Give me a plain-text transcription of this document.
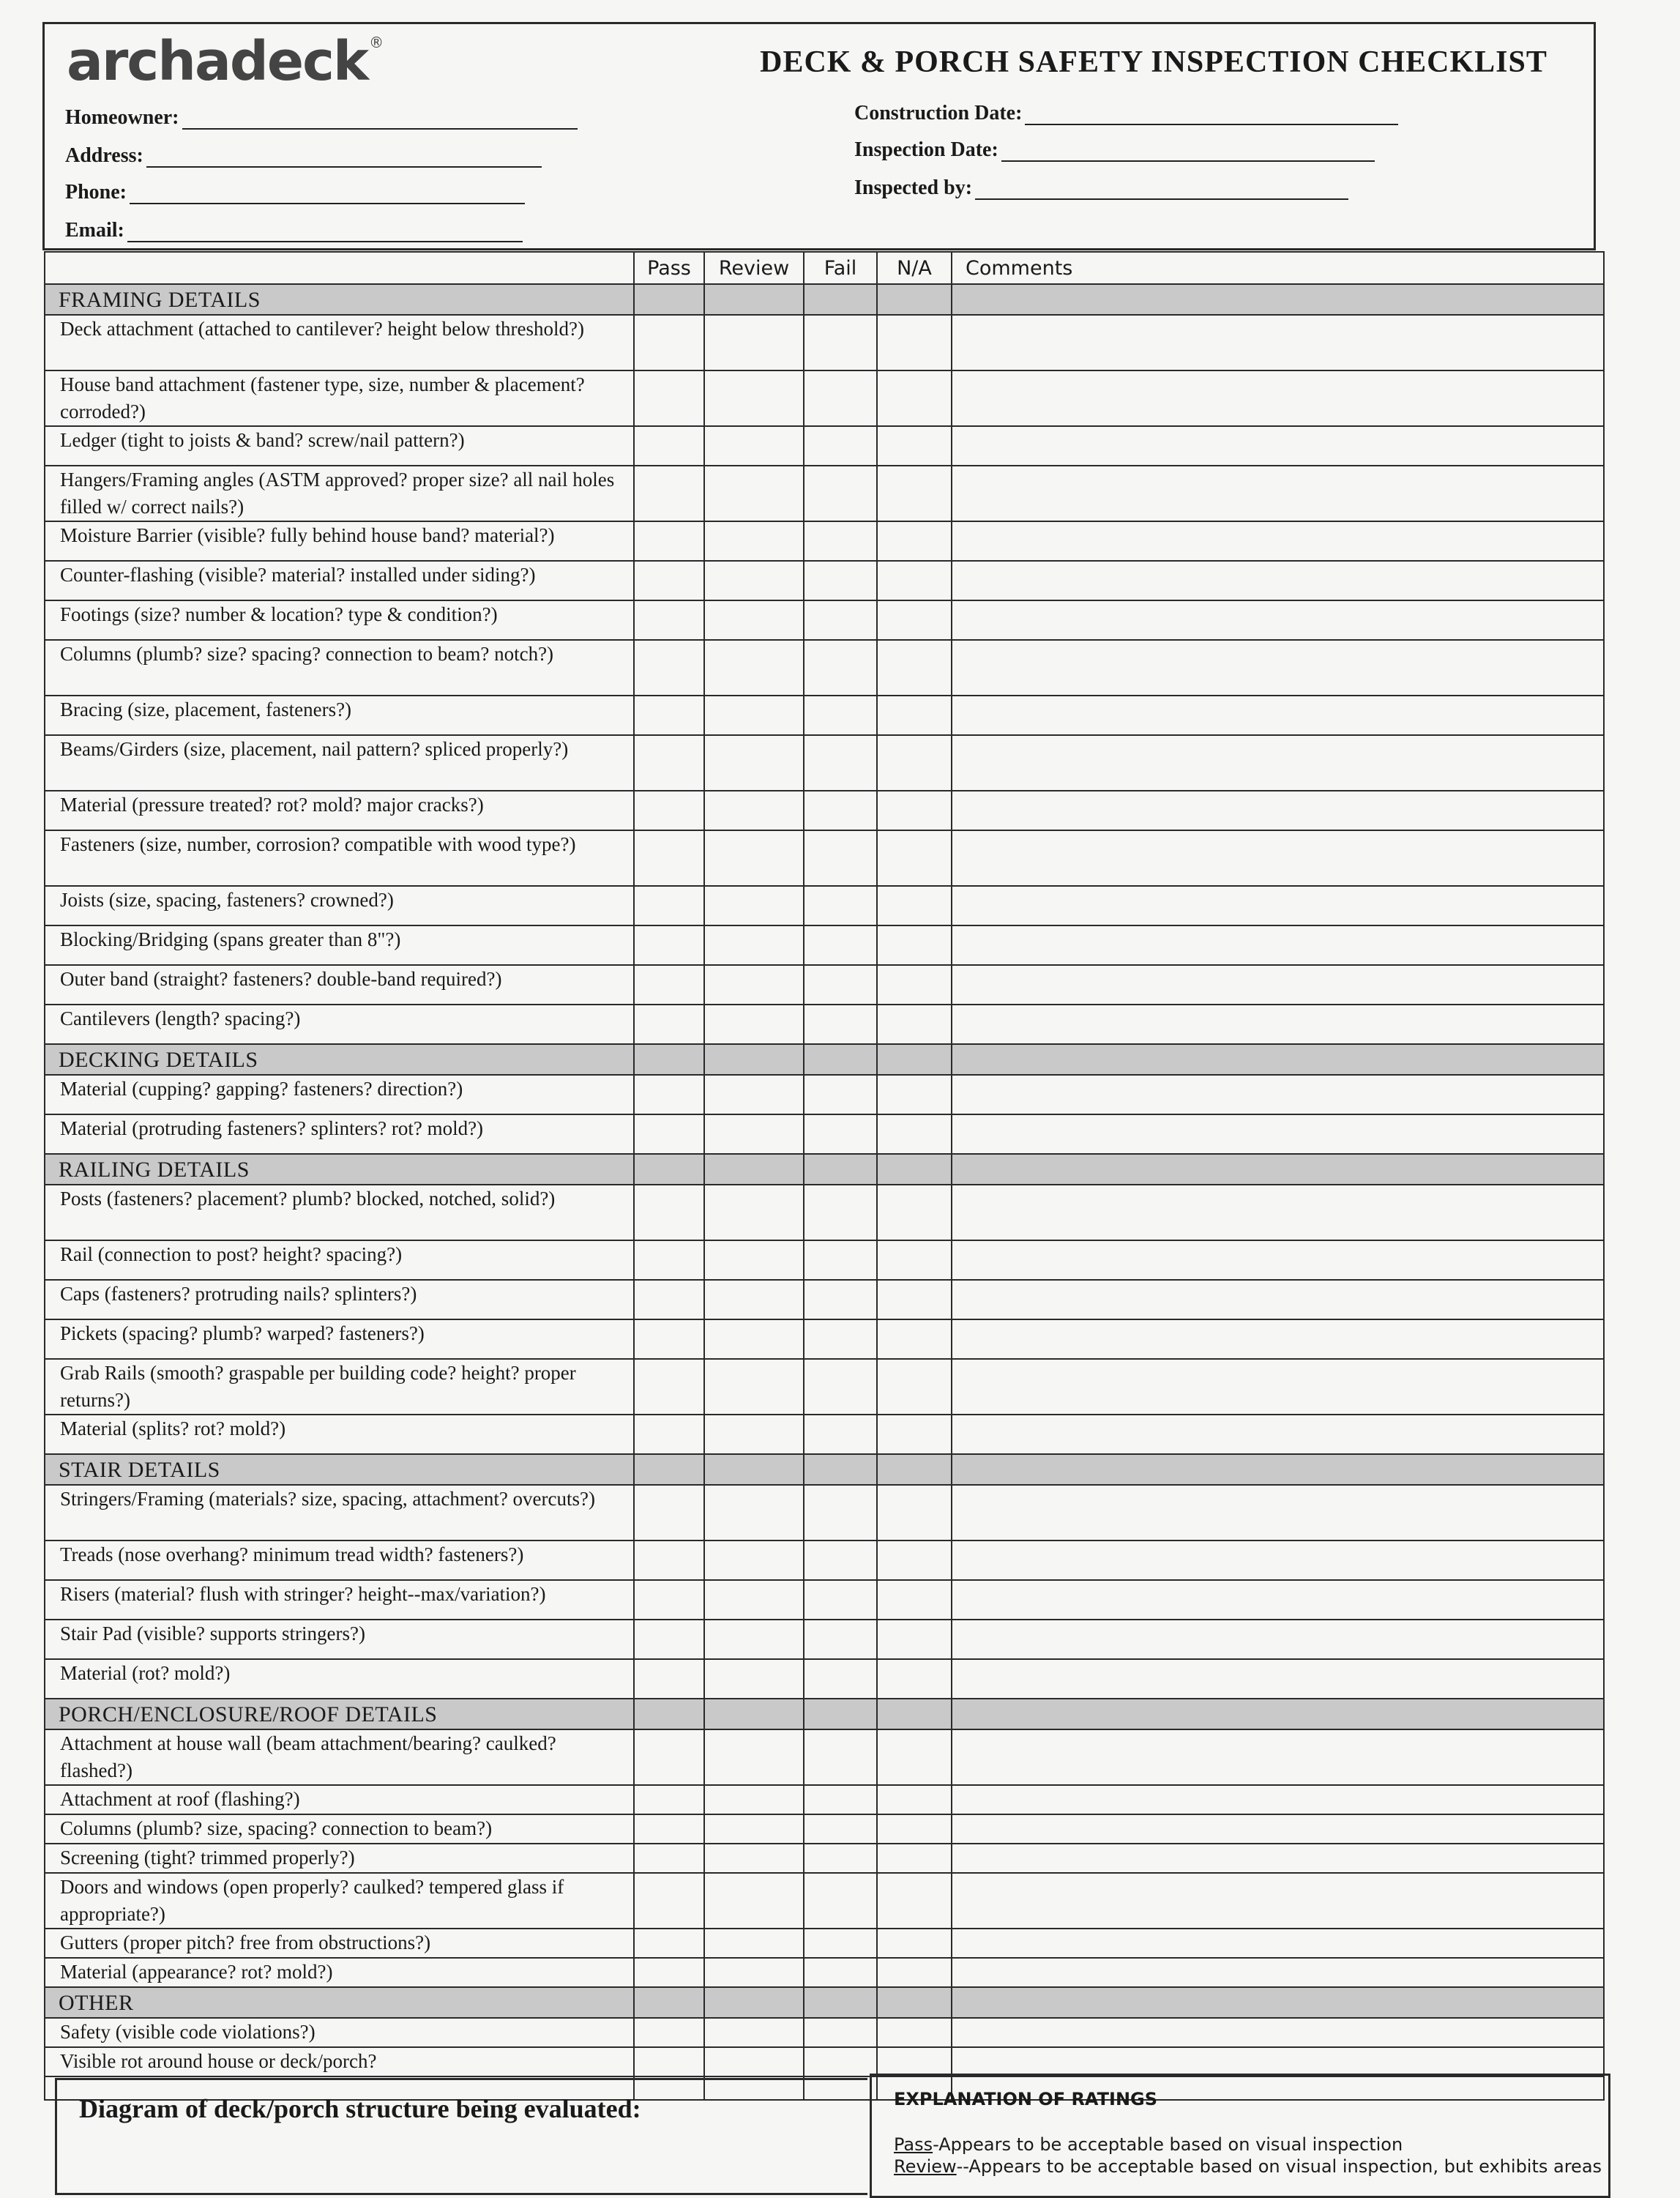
archadeck ®
DECK & PORCH SAFETY INSPECTION CHECKLIST
Homeowner:
Address:
Phone:
Email:
Construction Date:
Inspection Date:
Inspected by:
	Pass	Review	Fail	N/A	Comments
FRAMING DETAILS					
Deck attachment (attached to cantilever? height below threshold?)					
House band attachment (fastener type, size, number & placement? corroded?)					
Ledger (tight to joists & band? screw/nail pattern?)					
Hangers/Framing angles (ASTM approved? proper size? all nail holes filled w/ correct nails?)					
Moisture Barrier (visible? fully behind house band? material?)					
Counter-flashing (visible? material? installed under siding?)					
Footings (size? number & location? type & condition?)					
Columns (plumb? size? spacing? connection to beam? notch?)					
Bracing (size, placement, fasteners?)					
Beams/Girders (size, placement, nail pattern? spliced properly?)					
Material (pressure treated? rot? mold? major cracks?)					
Fasteners (size, number, corrosion? compatible with wood type?)					
Joists (size, spacing, fasteners? crowned?)					
Blocking/Bridging (spans greater than 8"?)					
Outer band (straight? fasteners? double-band required?)					
Cantilevers (length? spacing?)					
DECKING DETAILS					
Material (cupping? gapping? fasteners? direction?)					
Material (protruding fasteners? splinters? rot? mold?)					
RAILING DETAILS					
Posts (fasteners? placement? plumb? blocked, notched, solid?)					
Rail (connection to post? height? spacing?)					
Caps (fasteners? protruding nails? splinters?)					
Pickets (spacing? plumb? warped? fasteners?)					
Grab Rails (smooth? graspable per building code? height? proper returns?)					
Material (splits? rot? mold?)					
STAIR DETAILS					
Stringers/Framing (materials? size, spacing, attachment? overcuts?)					
Treads (nose overhang? minimum tread width? fasteners?)					
Risers (material? flush with stringer? height--max/variation?)					
Stair Pad (visible? supports stringers?)					
Material (rot? mold?)					
PORCH/ENCLOSURE/ROOF DETAILS					
Attachment at house wall (beam attachment/bearing? caulked? flashed?)					
Attachment at roof (flashing?)					
Columns (plumb? size, spacing? connection to beam?)					
Screening (tight? trimmed properly?)					
Doors and windows (open properly? caulked? tempered glass if appropriate?)					
Gutters (proper pitch? free from obstructions?)					
Material (appearance? rot? mold?)					
OTHER					
Safety (visible code violations?)					
Visible rot around house or deck/porch?					

Diagram of deck/porch structure being evaluated:	EXPLANATION OF RATINGS
Pass-Appears to be acceptable based on visual inspection
Review--Appears to be acceptable based on visual inspection, but exhibits areas
